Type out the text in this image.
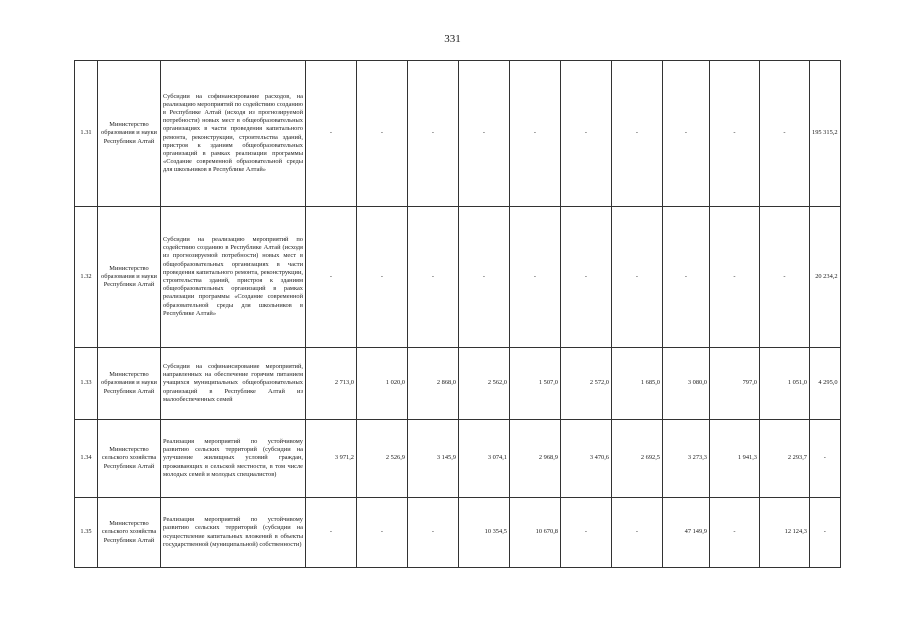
331
1.31	Министерство образования и науки Республики Алтай	Субсидии на софинансирование расходов, на реализацию мероприятий по содействию созданию в Республике Алтай (исходя из прогнозируемой потребности) новых мест в общеобразовательных организациях в части проведения капитального ремонта, реконструкции, строительства зданий, пристроя к зданиям общеобразовательных организаций в рамках реализации программы «Создание современной образовательной среды для школьников в Республике Алтай»	-	-	-	-	-	-	-	-	-	-	195 315,2
1.32	Министерство образования и науки Республики Алтай	Субсидии на реализацию мероприятий по содействию созданию в Республике Алтай (исходя из прогнозируемой потребности) новых мест в общеобразовательных организациях в части проведения капитального ремонта, реконструкции, строительства зданий, пристроя к зданиям общеобразовательных организаций в рамках реализации программы «Создание современной образовательной среды для школьников в Республике Алтай»	-	-	-	-	-	-	-	-	-	-	20 234,2
1.33	Министерство образования и науки Республики Алтай	Субсидии на софинансирование мероприятий, направленных на обеспечение горячим питанием учащихся муниципальных общеобразовательных организаций в Республике Алтай из малообеспеченных семей	2 713,0	1 020,0	2 868,0	2 562,0	1 507,0	2 572,0	1 685,0	3 080,0	797,0	1 051,0	4 295,0
1.34	Министерство сельского хозяйства Республики Алтай	Реализация мероприятий по устойчивому развитию сельских территорий (субсидии на улучшение жилищных условий граждан, проживающих в сельской местности, в том числе молодых семей и молодых специалистов)	3 971,2	2 526,9	3 145,9	3 074,1	2 968,9	3 470,6	2 692,5	3 273,3	1 941,3	2 293,7	-
1.35	Министерство сельского хозяйства Республики Алтай	Реализация мероприятий по устойчивому развитию сельских территорий (субсидии на осуществление капитальных вложений в объекты государственной (муниципальной) собственности)	-	-	-	10 354,5	10 670,8	-	-	47 149,9	-	12 124,3	-
